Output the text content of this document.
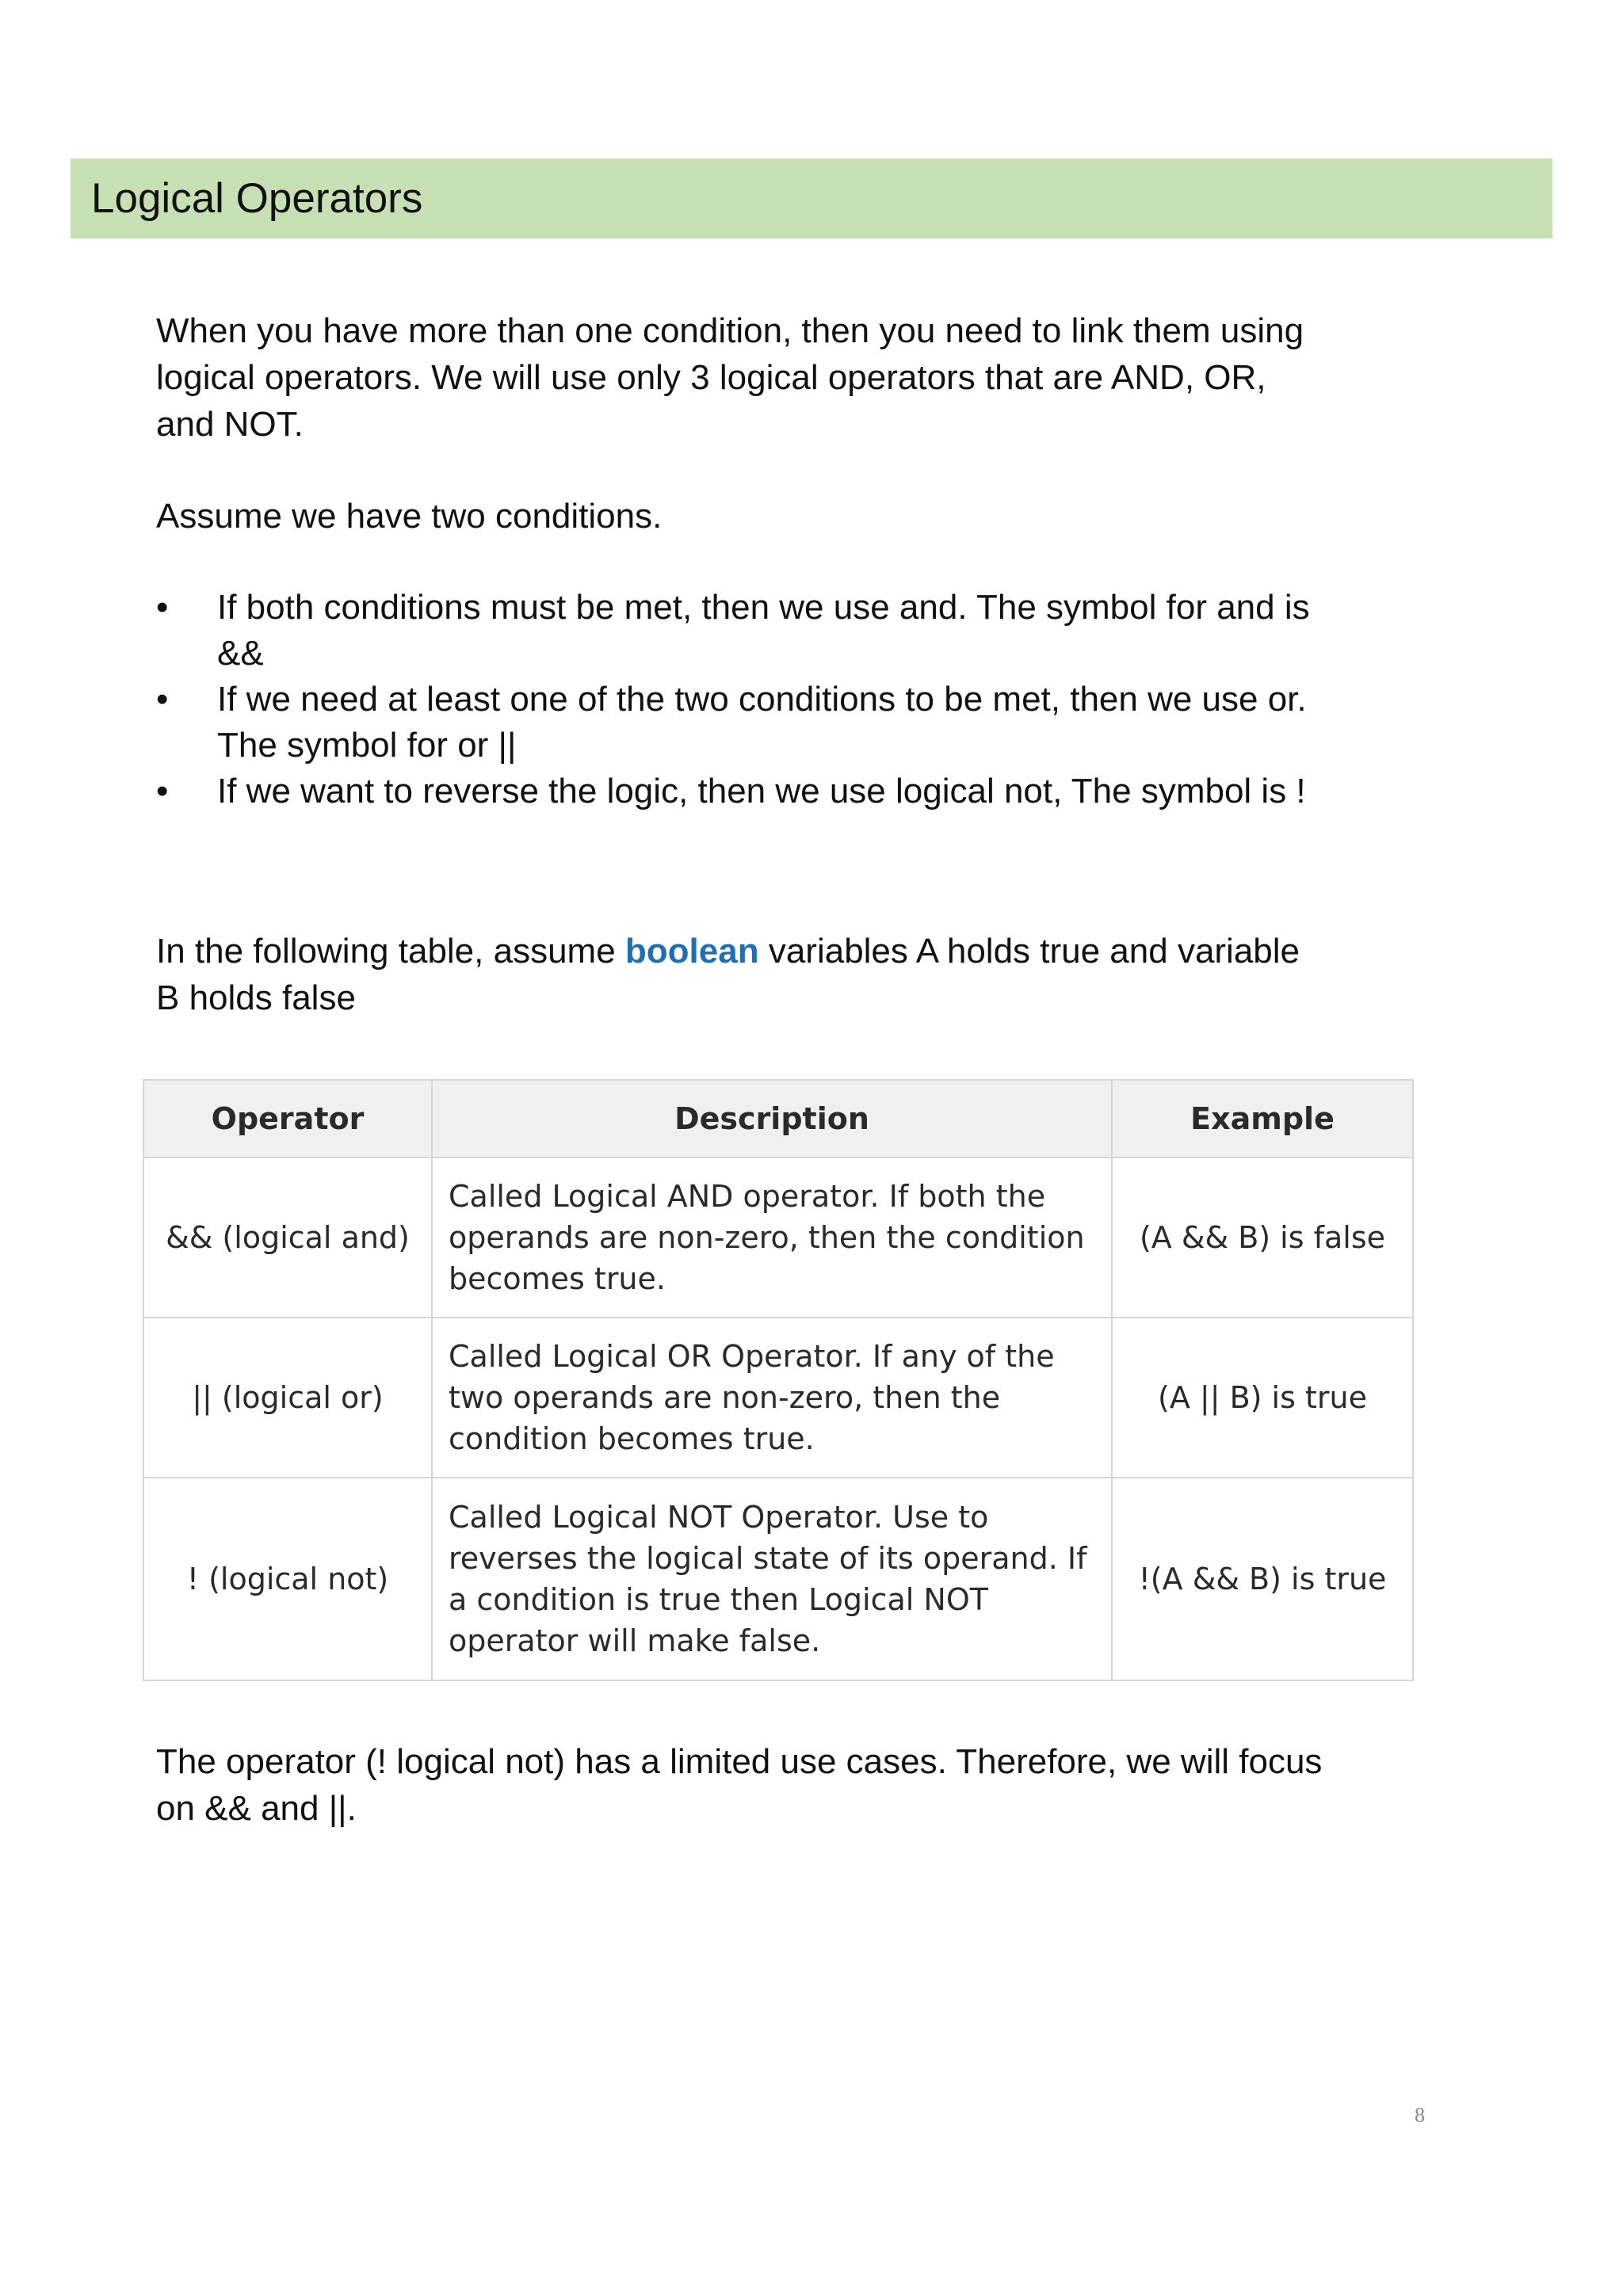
Logical Operators
When you have more than one condition, then you need to link them using
logical operators. We will use only 3 logical operators that are AND, OR,
and NOT.
Assume we have two conditions.
• If both conditions must be met, then we use and. The symbol for and is
&&
• If we need at least one of the two conditions to be met, then we use or.
The symbol for or ||
• If we want to reverse the logic, then we use logical not, The symbol is !
In the following table, assume boolean variables A holds true and variable
B holds false
Operator	Description	Example
&& (logical and)	Called Logical AND operator. If both the
operands are non-zero, then the condition
becomes true.	(A && B) is false
|| (logical or)	Called Logical OR Operator. If any of the
two operands are non-zero, then the
condition becomes true.	(A || B) is true
! (logical not)	Called Logical NOT Operator. Use to
reverses the logical state of its operand. If
a condition is true then Logical NOT
operator will make false.	!(A && B) is true
The operator (! logical not) has a limited use cases. Therefore, we will focus
on && and ||.
8
